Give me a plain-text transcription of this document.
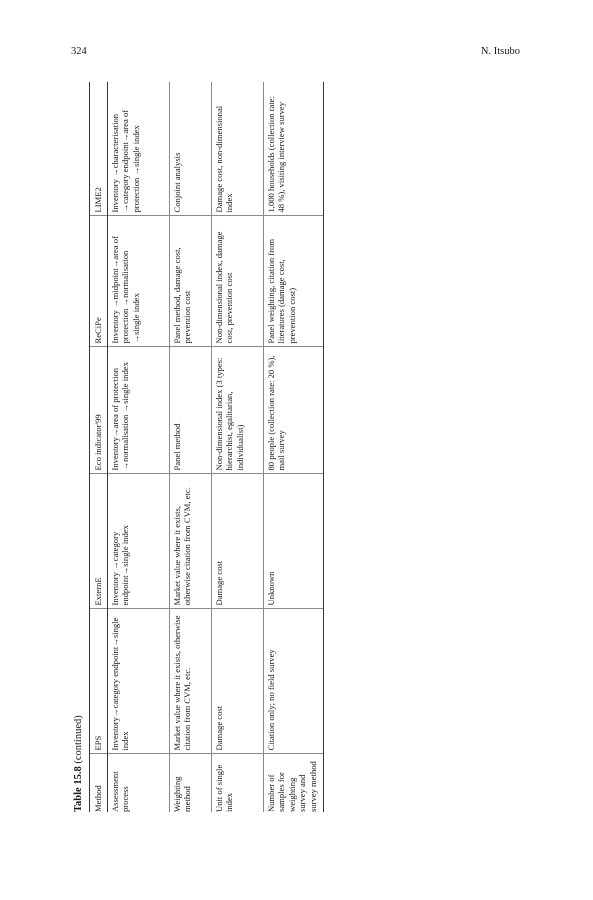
324	N. Itsubo
Table 15.8 (continued)
Method	EPS	ExternE	Eco indicator'99	ReCiPe	LIME2
Assessment process	Inventory→category endpoint→single index	Inventory →category endpoint→single index	Inventory→area of protection →normalisation →single index	Inventory →midpoint→area of protection →normalisation →single index	Inventory →characterisation →category endpoint→area of protection →single index
Weighting method	Market value where it exists, otherwise citation from CVM, etc.	Market value where it exists, otherwise citation from CVM, etc.	Panel method	Panel method, damage cost, prevention cost	Conjoint analysis
Unit of single index	Damage cost	Damage cost	Non-dimensional index (3 types: hierarchist, egalitarian, individualist)	Non-dimensional index, damage cost, prevention cost	Damage cost, non-dimensional index
Number of samples for weighting survey and survey method	Citation only; no field survey	Unknown	80 people (collection rate: 20 %), mail survey	Panel weighting, citation from literatures (damage cost, prevention cost)	1,000 households (collection rate: 48 %), visiting interview survey
